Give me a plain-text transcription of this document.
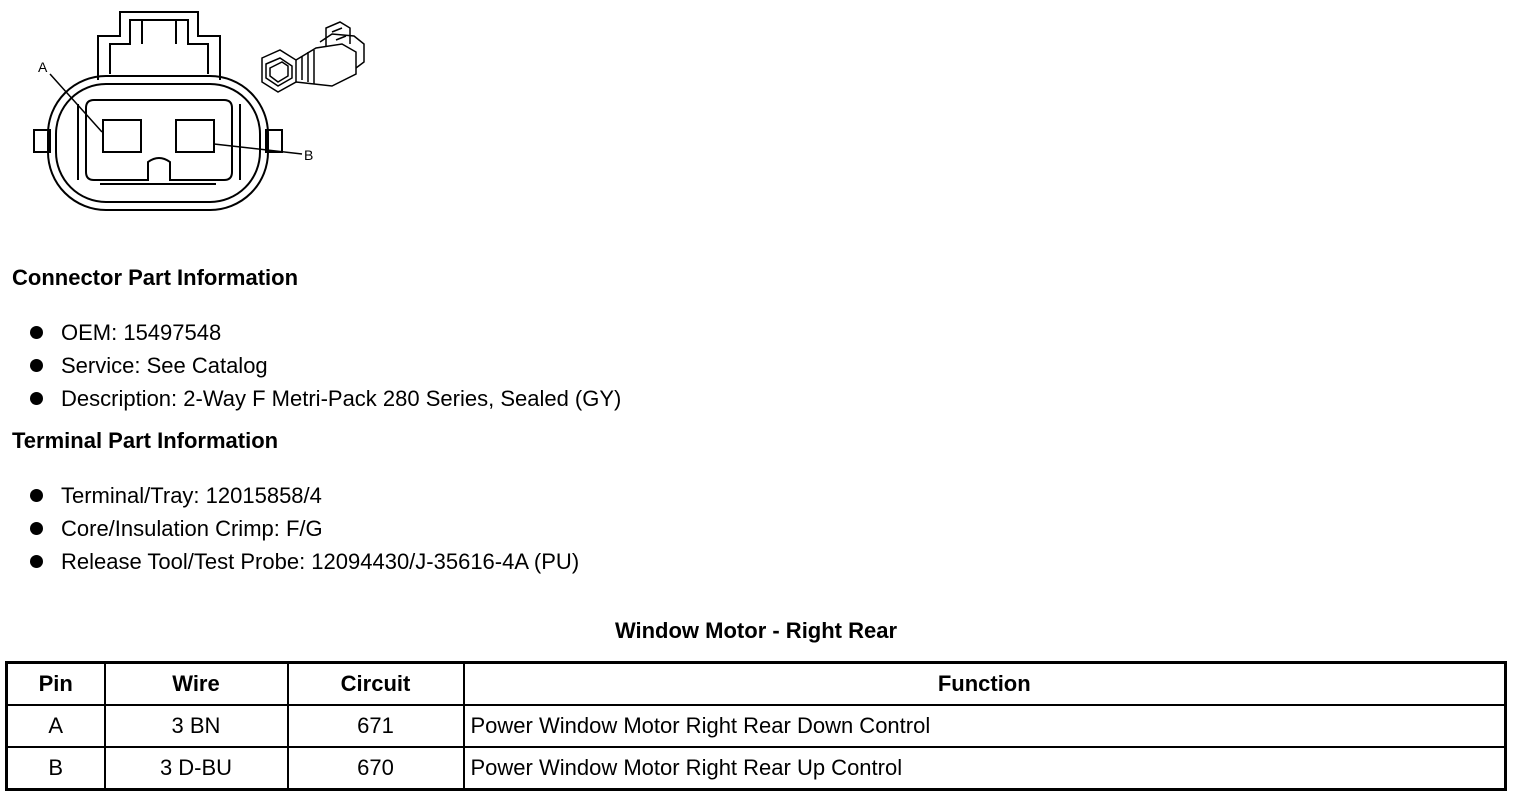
A
B
Connector Part Information
OEM: 15497548
Service: See Catalog
Description: 2-Way F Metri-Pack 280 Series, Sealed (GY)
Terminal Part Information
Terminal/Tray: 12015858/4
Core/Insulation Crimp: F/G
Release Tool/Test Probe: 12094430/J-35616-4A (PU)
Window Motor - Right Rear
Pin	Wire	Circuit	Function
A	3 BN	671	Power Window Motor Right Rear Down Control
B	3 D-BU	670	Power Window Motor Right Rear Up Control
